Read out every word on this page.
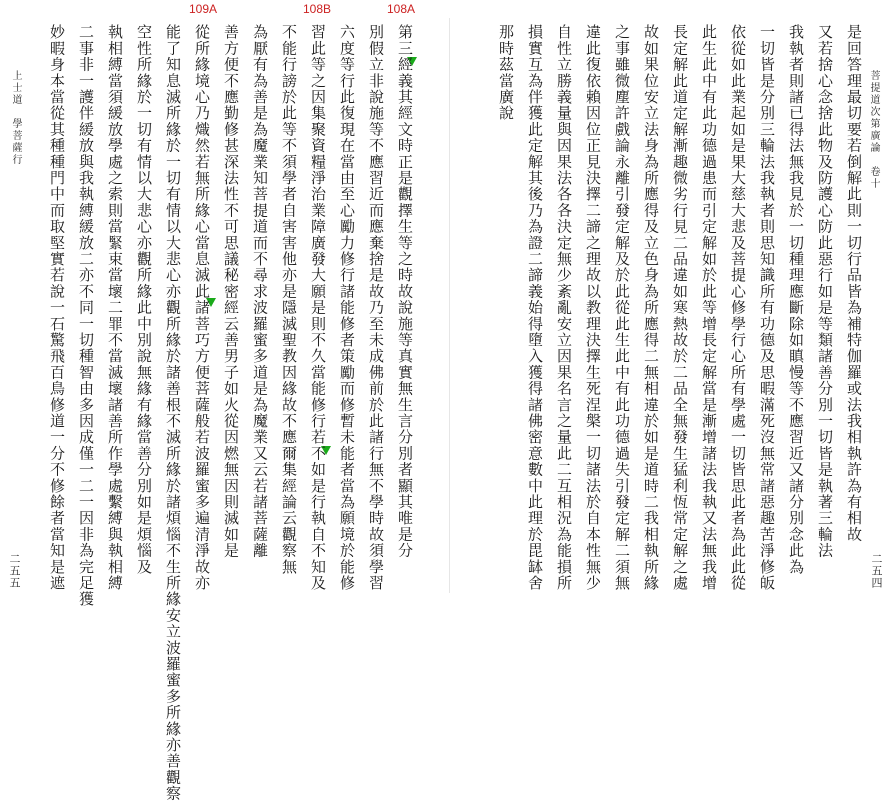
109A	108B	108A
菩提道次第廣論　卷十
二五四
是回答理最切要若倒解此則一切行品皆為補特伽羅或法我相執許為有相故
又若捨心念捨此物及防護心防此惡行如是等類諸善分別一切皆是執著三輪法
我執者則諸已得法無我見於一切種理應斷除如瞋慢等不應習近又諸分別念此為
一切皆是分別三輪法我執者則思知識所有功德及思暇滿死沒無常諸惡趣苦淨修皈
依從如此業起如是果大慈大悲及菩提心修學行心所有學處一切皆思此者為此此從
此生此中有此功德過患而引定解如於此等增長定解當是漸增諸法我執又法無我增
長定解此道定解漸趣微劣行見二品違如寒熱故於二品全無發生猛利恆常定解之處
故如果位安立法身為所應得及立色身為所應得二無相違於如是道時二我相執所緣
之事雖微塵許戲論永離引發定解及於此從此生此中有此功德過失引發定解二須無
違此復依賴因位正見決擇二諦之理故以教理決擇生死涅槃一切諸法於自本性無少
自性立勝義量與因果法各各決定無少紊亂安立因果名言之量此二互相況為能損所
損實互為伴獲此定解其後乃為證二諦義始得墮入獲得諸佛密意數中此理於毘缽舍
那時茲當廣說
第三經義其經文時正是觀擇生等之時故說施等真實無生言分別者顯其唯是分
別假立非說施等不應習近而應棄捨是故乃至未成佛前於此諸行無不學時故須學習
六度等行此復現在當由至心勵力修行諸能修者策勵而修暫未能者當為願境於能修
習此等之因集聚資糧淨治業障廣發大願是則不久當能修行若不如是行執自不知及
不能行謗於此等不須學者自害害他亦是隱滅聖教因緣故不應爾集經論云觀察無
為厭有為善是為魔業知菩提道而不尋求波羅蜜多道是為魔業又云若諸菩薩離
善方便不應勤修甚深法性不可思議秘密經云善男子如火從因燃無因則滅如是
從所緣境心乃熾然若無所緣心當息滅此諸菩巧方便菩薩般若波羅蜜多遍清淨故亦
能了知息滅所緣於一切有情以大悲心亦觀所緣於諸善根不滅所緣於諸煩惱不生所緣安立波羅蜜多所緣亦善觀察
空性所緣於一切有情以大悲心亦觀所緣此中別說無緣有緣當善分別如是煩惱及
執相縛當須緩放學處之索則當緊束當壞二罪不當滅壞諸善所作學處繫縛與執相縛
二事非一護伴緩放與我執縛緩放二亦不同一切種智由多因成僅一二一因非為完足獲
妙暇身本當從其種種門中而取堅實若說一石驚飛百鳥修道一分不修餘者當知是遮
上士道　學菩薩行
二五五
